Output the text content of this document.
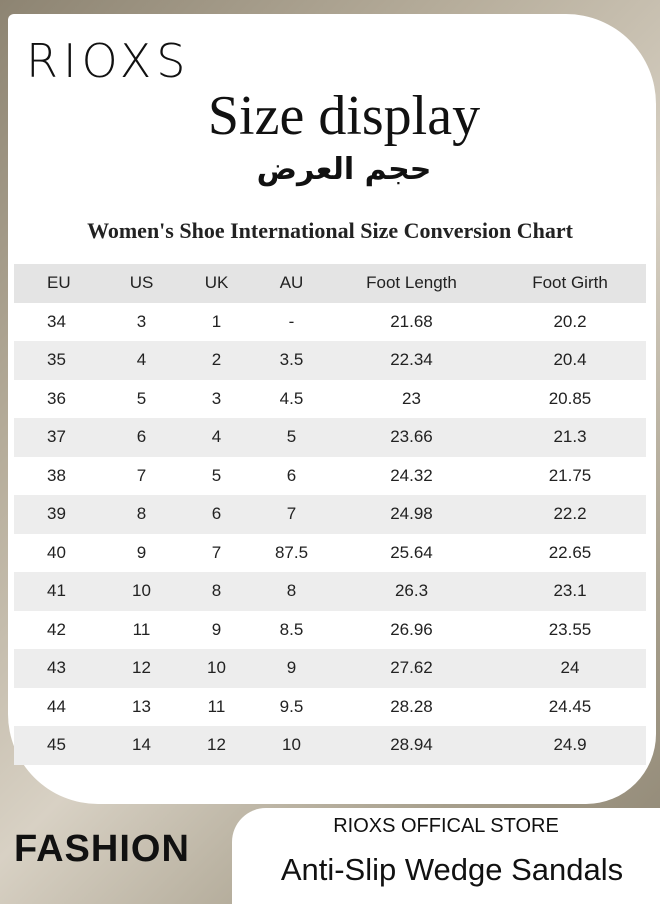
RIOXS
Size display
حجم العرض
Women's Shoe International Size Conversion Chart
EU	US	UK	AU	Foot Length	Foot Girth
34	3	1	-	21.68	20.2
35	4	2	3.5	22.34	20.4
36	5	3	4.5	23	20.85
37	6	4	5	23.66	21.3
38	7	5	6	24.32	21.75
39	8	6	7	24.98	22.2
40	9	7	87.5	25.64	22.65
41	10	8	8	26.3	23.1
42	11	9	8.5	26.96	23.55
43	12	10	9	27.62	24
44	13	11	9.5	28.28	24.45
45	14	12	10	28.94	24.9
FASHION
RIOXS OFFICAL STORE
Anti-Slip Wedge Sandals
